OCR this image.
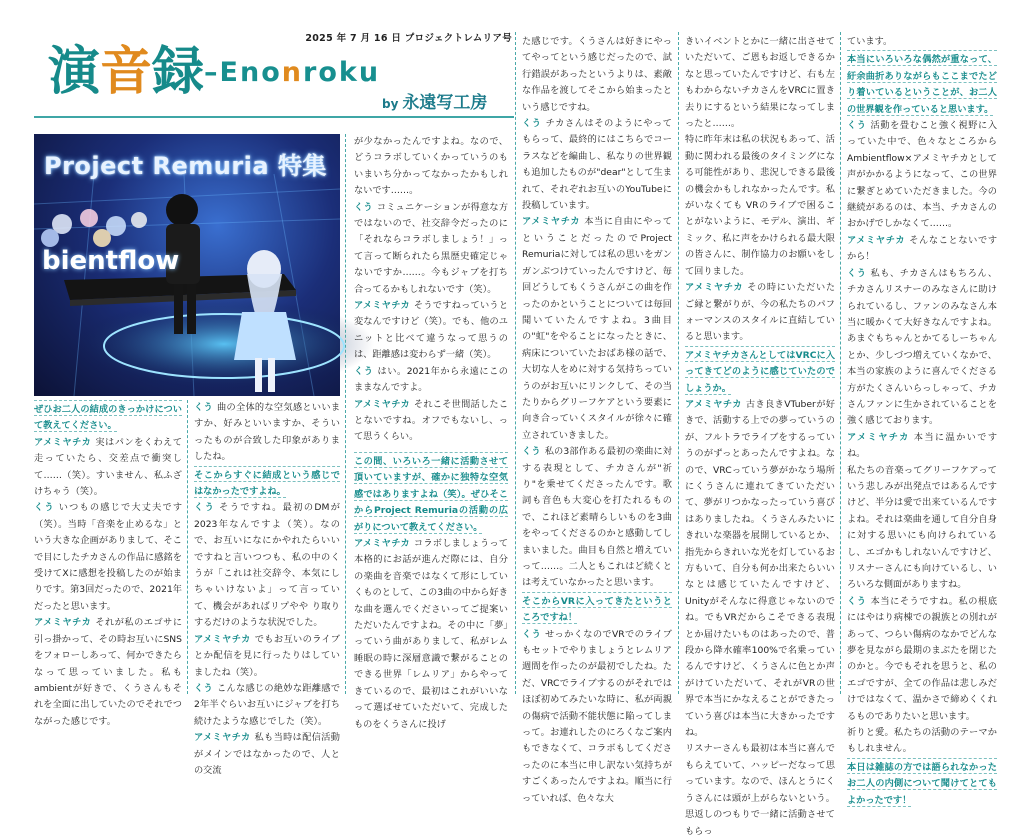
2025 年 7 月 16 日 プロジェクトレムリア号
演音録–Enonroku
by 永遠写工房
Project Remuria 特集
bientflow

ぜひお二人の結成のきっかけについて教えてください。

アメミヤチカ 実はパンをくわえて走っていたら、交差点で衝突して……（笑）。すいません、私ふざけちゃう（笑）。

くう いつもの感じで大丈夫です（笑）。当時「音楽を止めるな」という大きな企画がありまして、そこで目にしたチカさんの作品に感銘を受けてXに感想を投稿したのが始まりです。第3回だったので、2021年だったと思います。

アメミヤチカ それが私のエゴサに引っ掛かって、その時お互いにSNSをフォローしあって、何かできたらなって思っていました。私もambientが好きで、くうさんもそれを全面に出していたのでそれでつながった感じです。

くう 曲の全体的な空気感といいますか、好みといいますか、そういったものが合致した印象がありましたね。

そこからすぐに結成という感じではなかったですよね。

くう そうですね。最初のDMが2023年なんですよ（笑）。なので、お互いになにかやれたらいいですねと言いつつも、私の中のくうが「これは社交辞令、本気にしちゃいけないよ」って言っていて、機会があればリプやや り取りするだけのような状況でした。

アメミヤチカ でもお互いのライブとか配信を見に行ったりはしていましたね（笑）。

くう こんな感じの絶妙な距離感で2年半ぐらいお互いにジャブを打ち続けたような感じでした（笑）。

アメミヤチカ 私も当時は配信活動がメインではなかったので、人との交流

が少なかったんですよね。なので、どうコラボしていくかっていうのもいまいち分かってなかったかもしれないです……。

くう コミュニケーションが得意な方ではないので、社交辞令だったのに「それならコラボしましょう！」って言って断られたら黒歴史確定じゃないですか……。今もジャブを打ち合ってるかもしれないです（笑）。

アメミヤチカ そうですねっていうと変なんですけど（笑）。でも、他のユニットと比べて違うなって思うのは、距離感は変わらず一緒（笑）。

くう はい。2021年から永遠にこのままなんですよ。

アメミヤチカ それこそ世間話したことないですね。オフでもないし、って思うくらい。

この間、いろいろ一緒に活動させて頂いていますが、確かに独特な空気感ではありますよね（笑）。ぜひそこからProject Remuriaの活動の広がりについて教えてください。

アメミヤチカ コラボしましょうって本格的にお話が進んだ際には、自分の楽曲を音楽ではなくて形にしていくものとして、この3曲の中から好きな曲を選んでくださいってご提案いただいたんですよね。その中に「夢」っていう曲がありまして、私がレム睡眠の時に深層意識で繋がることのできる世界「レムリア」からやってきているので、最初はこれがいいなって選ばせていただいて、完成したものをくうさんに投げ

た感じです。くうさんは好きにやってやってという感じだったので、試行錯誤があったというよりは、素敵な作品を渡してそこから始まったという感じですね。

くう チカさんはそのようにやってもらって、最終的にはこちらでコーラスなどを編曲し、私なりの世界観も追加したものが"dear"として生まれて、それぞれお互いのYouTubeに投稿しています。

アメミヤチカ 本当に自由にやってということだったのでProject Remuriaに対しては私の思いをガンガンぶつけていったんですけど、毎回どうしてもくうさんがこの曲を作ったのかということについては毎回聞いていたんですよね。3曲目の"虹"をやることになったときに、病床についていたおばあ様の話で、大切な人をめに対する気持ちっていうのがお互いにリンクして、その当たりからグリーフケアという要素に向き合っていくスタイルが徐々に確立されていきました。

くう 私の3部作ある最初の楽曲に対する表現として、チカさんが"祈り"を乗せてくださったんです。歌詞も音色も大変心を打たれるもので、これほど素晴らしいものを3曲をやってくださるのかと感動してしまいました。曲目も自然と増えていって……。二人ともこれはど続くとは考えていなかったと思います。

そこからVRに入ってきたというところですね！

くう せっかくなのでVRでのライブもセットでやりましょうとレムリア週間を作ったのが最初でしたね。ただ、VRCでライブするのがそれではほぼ初めてみたいな時に、私が両親の傷病で活動不能状態に陥ってしまって。お連れしたのにろくなご案内もできなくて、コラボもしてくださったのに本当に申し訳ない気持ちがすごくあったんですよね。順当に行っていれば、色々な大

きいイベントとかに一緒に出させていただいて、ご恩もお返しできるかなと思っていたんですけど、右も左もわからないチカさんをVRCに置き去りにするという結果になってしまったと……。

特に昨年末は私の状況もあって、活動に関われる最後のタイミングになる可能性があり、悲況しできる最後の機会かもしれなかったんです。私がいなくても VRのライブで困ることがないように、モデル、演出、ギミック、私に声をかけられる最大限の皆さんに、制作協力のお願いをして回りました。

アメミヤチカ その時にいただいたご縁と繋がりが、今の私たちのパフォーマンスのスタイルに直結していると思います。

アメミヤチカさんとしてはVRCに入ってきてどのように感じていたのでしょうか。

アメミヤチカ 古き良きVTuberが好きで、活動する上での夢っていうのが、フルトラでライブをするっていうのがずっとあったんですよね。なので、VRCっていう夢がかなう場所にくうさんに連れてきていただいて、夢がリつかなったっていう喜びはありましたね。くうさんみたいにきれいな楽器を展開しているとか、指先からきれいな光を灯しているお方もいて、自分も何か出来たらいいなとは感じていたんですけど、Unityがそんなに得意じゃないのでね。でもVRだからこそできる表現とか届けたいものはあったので、普段から降水確率100%で名乗っているんですけど、くうさんに色とか声がけていただいて、それがVRの世界で本当にかなえることができたっていう喜びは本当に大きかったですね。

リスナーさんも最初は本当に喜んでもらえていて、ハッピーだなって思っています。なので、ほんとうにくうさんには頭が上がらないという。思返しのつもりで一緒に活動させてもらっ

ています。

本当にいろいろな偶然が重なって、紆余曲折ありながらもここまでたどり着いているということが、お二人の世界観を作っていると思います。

くう 活動を畳むこと強く視野に入っていた中で、色々なところからAmbientflow×アメミヤチカとして声がかかるようになって、この世界に繋ぎとめていただきました。今の継続があるのは、本当、チカさんのおかげでしかなくて……。

アメミヤチカ そんなことないですから！

くう 私も、チカさんはもちろん、チカさんリスナーのみなさんに助けられているし、ファンのみなさん本当に暖かくて大好きなんですよね。あまぐもちゃんとかてるしーちゃんとか、少しづつ増えていくなかで、本当の家族のように喜んでくださる方がたくさんいらっしゃって、チカさんファンに生かされていることを強く感じております。

アメミヤチカ 本当に温かいですね。

私たちの音楽ってグリーフケアっていう悲しみが出発点ではあるんですけど、半分は愛で出来ているんですよね。それは楽曲を通して自分自身に対する思いにも向けられているし、エゴかもしれないんですけど、リスナーさんにも向けているし、いろいろな側面がありますね。

くう 本当にそうですね。私の根底にはやはり病棟での親族との別れがあって、つらい傷病のなかでどんな夢を見ながら最期のまぶたを閉じたのかと。今でもそれを思うと、私のエゴですが、全ての作品は悲しみだけではなくて、温かさで締めくくれるものでありたいと思います。

祈りと愛。私たちの活動のテーマかもしれません。

本日は雑誌の方では語られなかったお二人の内側について聞けてとてもよかったです！
